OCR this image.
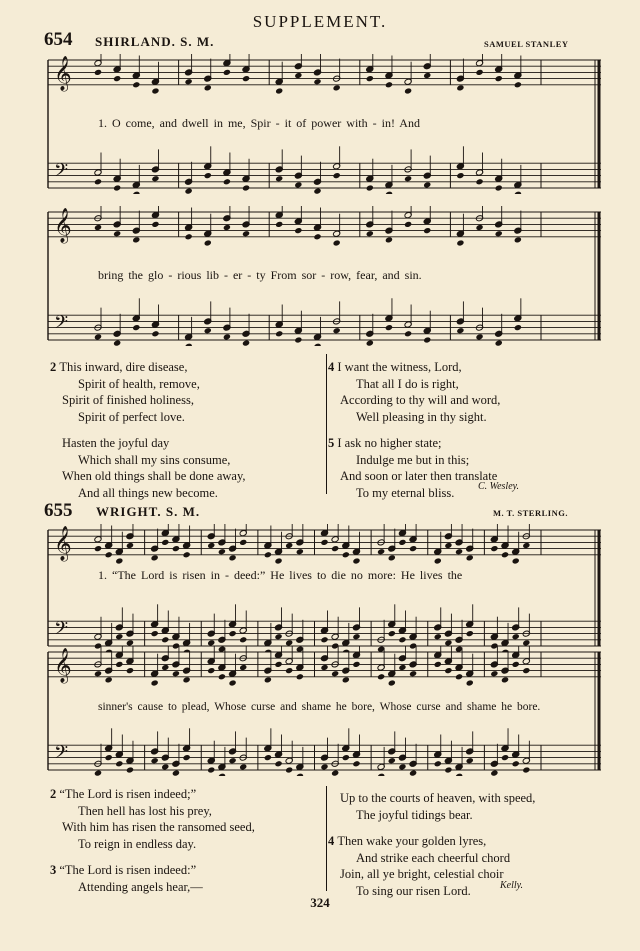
SUPPLEMENT.
654 SHIRLAND. S. M.	SAMUEL STANLEY
𝄞
𝄢
1. O come, and dwell in me, Spir - it of power with - in! And
𝄞
𝄢
bring the glo - rious lib - er - ty From sor - row, fear, and sin.
2 This inward, dire disease,
Spirit of health, remove,
Spirit of finished holiness,
Spirit of perfect love.
Hasten the joyful day
Which shall my sins consume,
When old things shall be done away,
And all things new become.
4 I want the witness, Lord,
That all I do is right,
According to thy will and word,
Well pleasing in thy sight.
5 I ask no higher state;
Indulge me but in this;
And soon or later then translate
To my eternal bliss.	C. Wesley.
655 WRIGHT. S. M.	M. T. STERLING.
𝄞
𝄢
1. “The Lord is risen in - deed:” He lives to die no more: He lives the
𝄞
𝄢
sinner's cause to plead, Whose curse and shame he bore, Whose curse and shame he bore.
2 “The Lord is risen indeed;”
Then hell has lost his prey,
With him has risen the ransomed seed,
To reign in endless day.
3 “The Lord is risen indeed:”
Attending angels hear,—
Up to the courts of heaven, with speed,
The joyful tidings bear.
4 Then wake your golden lyres,
And strike each cheerful chord
Join, all ye bright, celestial choir
To sing our risen Lord.	Kelly.
324
